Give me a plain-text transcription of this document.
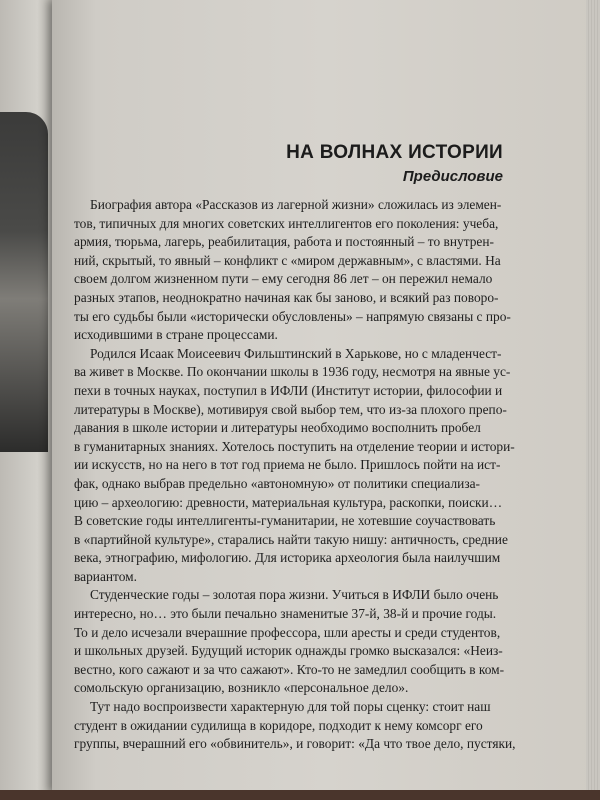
НА ВОЛНАХ ИСТОРИИ
Предисловие
Биография автора «Рассказов из лагерной жизни» сложилась из элемен-
тов, типичных для многих советских интеллигентов его поколения: учеба,
армия, тюрьма, лагерь, реабилитация, работа и постоянный – то внутрен-
ний, скрытый, то явный – конфликт с «миром державным», с властями. На
своем долгом жизненном пути – ему сегодня 86 лет – он пережил немало
разных этапов, неоднократно начиная как бы заново, и всякий раз поворо-
ты его судьбы были «исторически обусловлены» – напрямую связаны с про-
исходившими в стране процессами.
Родился Исаак Моисеевич Фильштинский в Харькове, но с младенчест-
ва живет в Москве. По окончании школы в 1936 году, несмотря на явные ус-
пехи в точных науках, поступил в ИФЛИ (Институт истории, философии и
литературы в Москве), мотивируя свой выбор тем, что из-за плохого препо-
давания в школе истории и литературы необходимо восполнить пробел
в гуманитарных знаниях. Хотелось поступить на отделение теории и истори-
ии искусств, но на него в тот год приема не было. Пришлось пойти на ист-
фак, однако выбрав предельно «автономную» от политики специализа-
цию – археологию: древности, материальная культура, раскопки, поиски…
В советские годы интеллигенты-гуманитарии, не хотевшие соучаствовать
в «партийной культуре», старались найти такую нишу: античность, средние
века, этнографию, мифологию. Для историка археология была наилучшим
вариантом.
Студенческие годы – золотая пора жизни. Учиться в ИФЛИ было очень
интересно, но… это были печально знаменитые 37-й, 38-й и прочие годы.
То и дело исчезали вчерашние профессора, шли аресты и среди студентов,
и школьных друзей. Будущий историк однажды громко высказался: «Неиз-
вестно, кого сажают и за что сажают». Кто-то не замедлил сообщить в ком-
сомольскую организацию, возникло «персональное дело».
Тут надо воспроизвести характерную для той поры сценку: стоит наш
студент в ожидании судилища в коридоре, подходит к нему комсорг его
группы, вчерашний его «обвинитель», и говорит: «Да что твое дело, пустяки,
